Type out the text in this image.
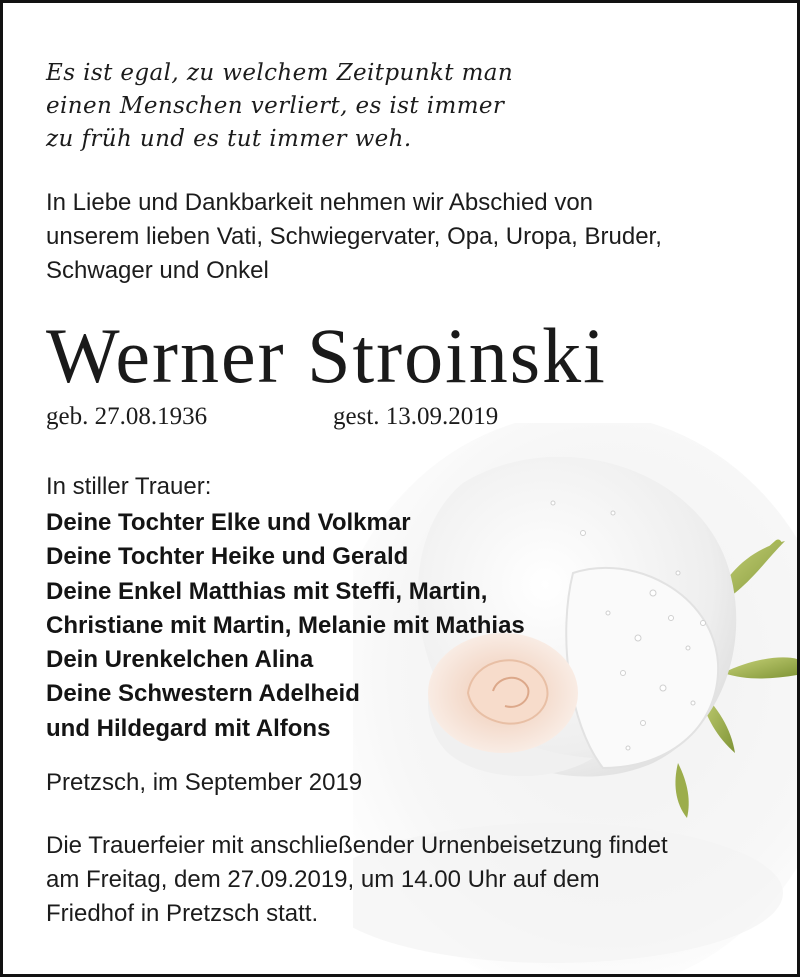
Es ist egal, zu welchem Zeitpunkt man
einen Menschen verliert, es ist immer
zu früh und es tut immer weh.
In Liebe und Dankbarkeit nehmen wir Abschied von
unserem lieben Vati, Schwiegervater, Opa, Uropa, Bruder,
Schwager und Onkel
Werner Stroinski
geb. 27.08.1936	gest. 13.09.2019
In stiller Trauer:
Deine Tochter Elke und Volkmar
Deine Tochter Heike und Gerald
Deine Enkel Matthias mit Steffi, Martin,
Christiane mit Martin, Melanie mit Mathias
Dein Urenkelchen Alina
Deine Schwestern Adelheid
und Hildegard mit Alfons
Pretzsch, im September 2019
Die Trauerfeier mit anschließender Urnenbeisetzung findet
am Freitag, dem 27.09.2019, um 14.00 Uhr auf dem
Friedhof in Pretzsch statt.
